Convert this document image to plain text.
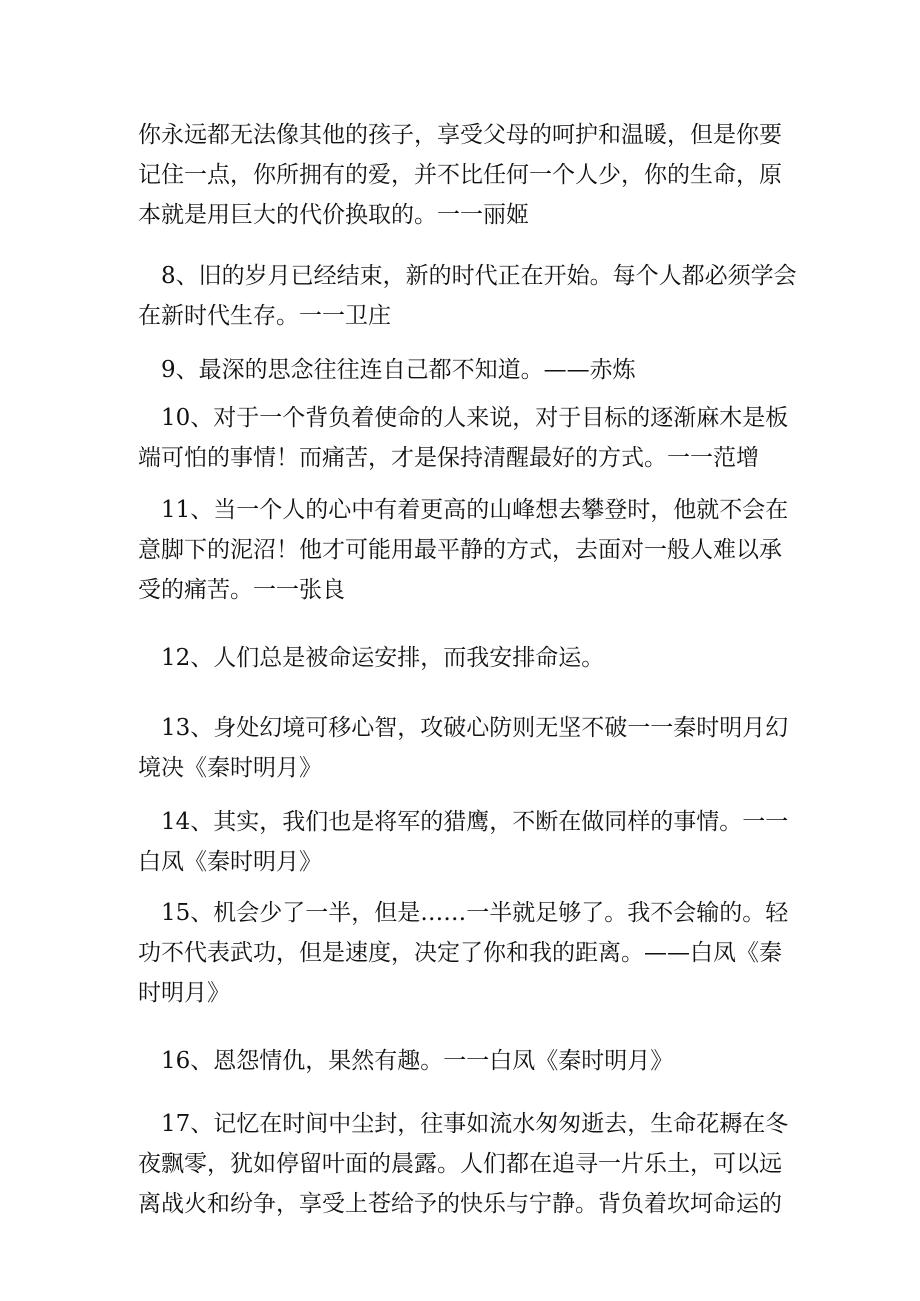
你永远都无法像其他的孩子，享受父母的呵护和温暖，但是你要
记住一点，你所拥有的爱，并不比任何一个人少，你的生命，原
本就是用巨大的代价换取的。一一丽姬
8、旧的岁月已经结束，新的时代正在开始。每个人都必须学会
在新时代生存。一一卫庄
9、最深的思念往往连自己都不知道。——赤炼
10、对于一个背负着使命的人来说，对于目标的逐渐麻木是板
端可怕的事情！而痛苦，才是保持清醒最好的方式。一一范增
11、当一个人的心中有着更高的山峰想去攀登时，他就不会在
意脚下的泥沼！他才可能用最平静的方式，去面对一般人难以承
受的痛苦。一一张良
12、人们总是被命运安排，而我安排命运。
13、身处幻境可移心智，攻破心防则无坚不破一一秦时明月幻
境决《秦时明月》
14、其实，我们也是将军的猎鹰，不断在做同样的事情。一一
白凤《秦时明月》
15、机会少了一半，但是……一半就足够了。我不会输的。轻
功不代表武功，但是速度，决定了你和我的距离。——白凤《秦
时明月》
16、恩怨情仇，果然有趣。一一白凤《秦时明月》
17、记忆在时间中尘封，往事如流水匆匆逝去，生命花耨在冬
夜飘零，犹如停留叶面的晨露。人们都在追寻一片乐土，可以远
离战火和纷争，享受上苍给予的快乐与宁静。背负着坎坷命运的
